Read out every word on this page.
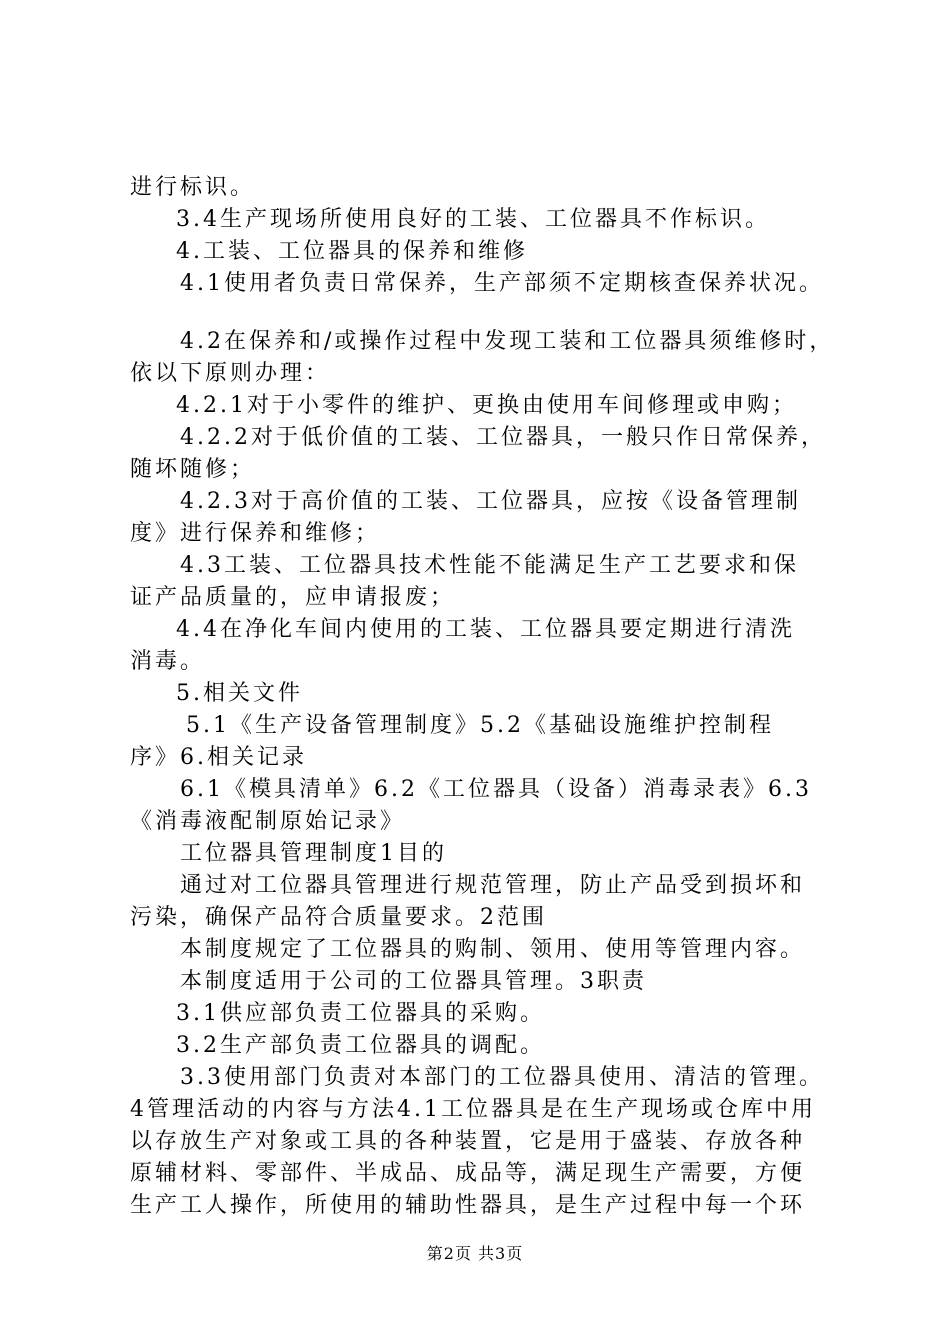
进行标识。
3.4生产现场所使用良好的工装、工位器具不作标识。
4.工装、工位器具的保养和维修
4.1使用者负责日常保养，生产部须不定期核查保养状况。
4.2在保养和/或操作过程中发现工装和工位器具须维修时，
依以下原则办理：
4.2.1对于小零件的维护、更换由使用车间修理或申购；
4.2.2对于低价值的工装、工位器具，一般只作日常保养，
随坏随修；
4.2.3对于高价值的工装、工位器具，应按《设备管理制
度》进行保养和维修；
4.3工装、工位器具技术性能不能满足生产工艺要求和保
证产品质量的，应申请报废；
4.4在净化车间内使用的工装、工位器具要定期进行清洗
消毒。
5.相关文件
5.1《生产设备管理制度》5.2《基础设施维护控制程
序》6.相关记录
6.1《模具清单》6.2《工位器具（设备）消毒录表》6.3
《消毒液配制原始记录》
工位器具管理制度1目的
通过对工位器具管理进行规范管理，防止产品受到损坏和
污染，确保产品符合质量要求。2范围
本制度规定了工位器具的购制、领用、使用等管理内容。
本制度适用于公司的工位器具管理。3职责
3.1供应部负责工位器具的采购。
3.2生产部负责工位器具的调配。
3.3使用部门负责对本部门的工位器具使用、清洁的管理。
4管理活动的内容与方法4.1工位器具是在生产现场或仓库中用
以存放生产对象或工具的各种装置，它是用于盛装、存放各种
原辅材料、零部件、半成品、成品等，满足现生产需要，方便
生产工人操作，所使用的辅助性器具，是生产过程中每一个环
第2页 共3页
